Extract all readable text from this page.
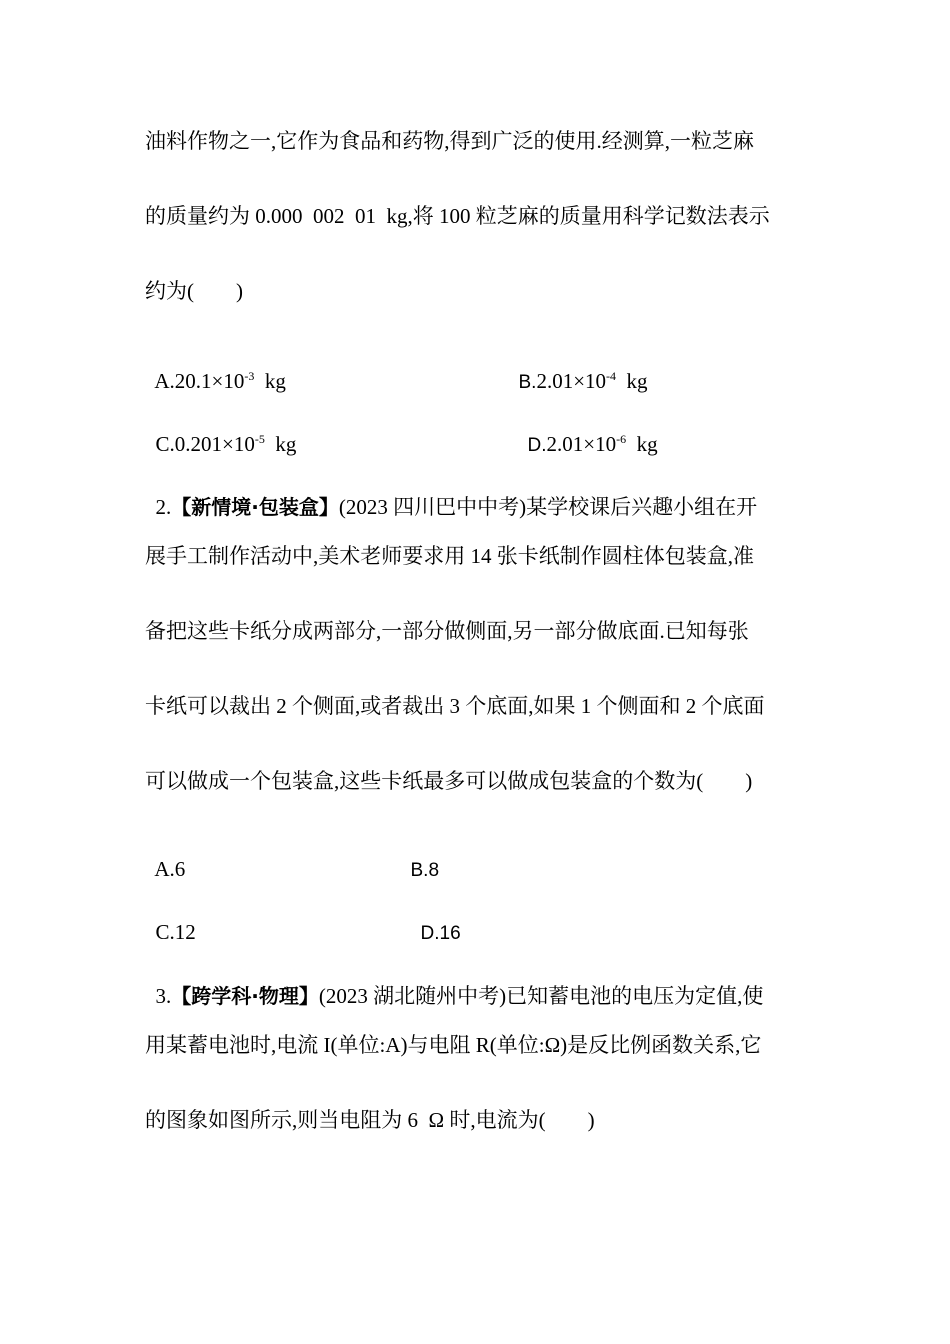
油料作物之一,它作为食品和药物,得到广泛的使用.经测算,一粒芝麻
的质量约为 0.000  002  01  kg,将 100 粒芝麻的质量用科学记数法表示
约为(        )

$A.20.1\times 10^{-3}$  kg	$B.2.01\times 10^{-4}$  kg

$C.0.201\times 10^{-5}$  kg	$D.2.01\times 10^{-6}$  kg

2.【新情境·包装盒】(2023 四川巴中中考)某学校课后兴趣小组在开

展手工制作活动中,美术老师要求用 14 张卡纸制作圆柱体包装盒,准
备把这些卡纸分成两部分,一部分做侧面,另一部分做底面.已知每张
卡纸可以裁出 2 个侧面,或者裁出 3 个底面,如果 1 个侧面和 2 个底面
可以做成一个包装盒,这些卡纸最多可以做成包装盒的个数为(        )

A.6	B.8

C.12	D.16

3.【跨学科·物理】(2023 湖北随州中考)已知蓄电池的电压为定值,使

用某蓄电池时,电流 I(单位:A)与电阻 R(单位:Ω)是反比例函数关系,它
的图象如图所示,则当电阻为 6  Ω 时,电流为(        )
